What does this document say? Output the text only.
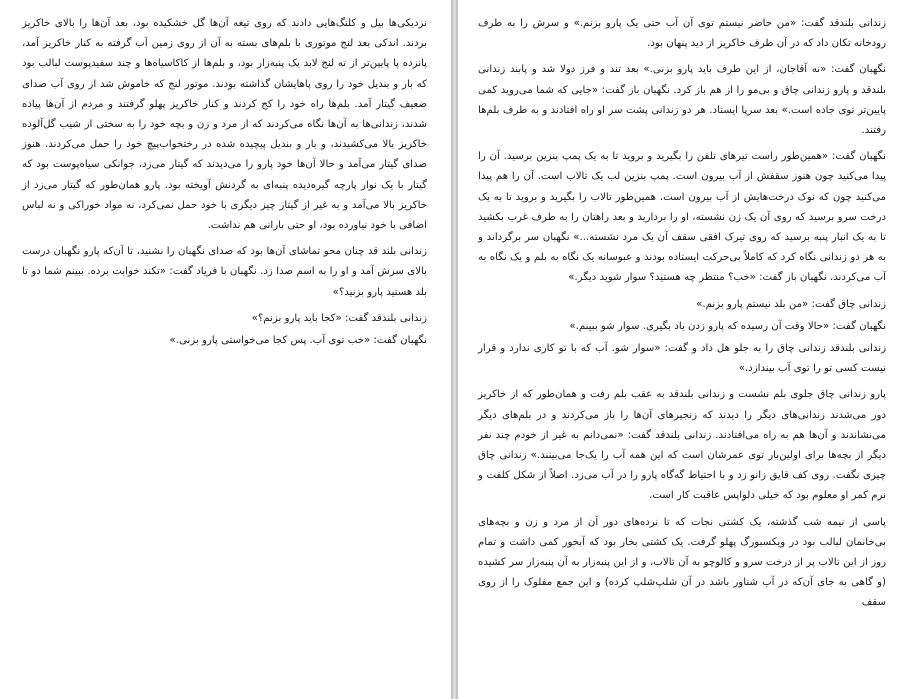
نزدیکی‌ها بیل و کلنگ‌هایی دادند که روی تیغه آن‌ها گل خشکیده بود، بعد آن‌ها را بالای خاکریز بردند. اندکی بعد لنج موتوری با بلم‌های بسته به آن از روی زمین آب گرفته به کنار خاکریز آمد، پانزده پا پایین‌تر از ته لنج لابد یک پنبه‌زار بود، و بلم‌ها از کاکاسیاه‌ها و چند سفیدپوست لبالب بود که بار و بندیل خود را روی پاهایشان گذاشته بودند. موتور لنج که خاموش شد از روی آب صدای ضعیف گیتار آمد. بلم‌ها راه خود را کج کردند و کنار خاکریز پهلو گرفتند و مردم از آن‌ها پیاده شدند، زندانی‌ها به آن‌ها نگاه می‌کردند که از مرد و زن و بچه خود را به سختی از شیب گل‌آلوده خاکریز بالا می‌کشیدند، و بار و بندیل پیچیده شده در رختخواب‌پیچ خود را حمل می‌کردند. هنوز صدای گیتار می‌آمد و حالا آن‌ها خود پارو را می‌دیدند که گیتار می‌زد، جوانکی سیاه‌پوست بود که گیتار با یک نوار پارچه گیره‌دیده پنبه‌ای به گردنش آویخته بود. پارو همان‌طور که گیتار می‌زد از خاکریز بالا می‌آمد و به غیر از گیتار چیز دیگری با خود حمل نمی‌کرد، نه مواد خوراکی و نه لباس اضافی با خود نیاورده بود، او حتی بارانی هم نداشت.

زندانی بلند قد چنان محو تماشای آن‌ها بود که صدای نگهبان را نشنید، تا آن‌که پارو نگهبان درست بالای سرش آمد و او را به اسم صدا زد. نگهبان با فریاد گفت: «تکند خوابت برده. ببینم شما دو تا بلد هستید پارو بزنید؟»

زندانی بلندقد گفت: «کجا باید پارو بزنم؟»

نگهبان گفت: «خب توی آب. پس کجا می‌خواستی پارو بزنی.»

زندانی بلندقد گفت: «من حاضر نیستم توی آن آب حتی یک پارو بزنم.» و سرش را به طرف رودخانه تکان داد که در آن طرف خاکریز از دید پنهان بود.

نگهبان گفت: «نه آقاجان، از این طرف باید پارو بزنی.» بعد تند و فرز دولا شد و پابند زندانی بلندقد و پارو زندانی چاق و بی‌مو را از هم باز کرد. نگهبان باز گفت: «جایی که شما می‌روید کمی پایین‌تر توی جاده است.» بعد سرپا ایستاد. هر دو زندانی پشت سر او راه افتادند و به طرف بلم‌ها رفتند.

نگهبان گفت: «همین‌طور راست تیرهای تلفن را بگیرید و بروید تا به یک پمپ بنزین برسید. آن را پیدا می‌کنید چون هنوز سقفش از آب بیرون است. پمپ بنزین لب یک تالاب است. آن را هم پیدا می‌کنید چون که نوک درخت‌هایش از آب بیرون است. همین‌طور تالاب را بگیرید و بروید تا به یک درخت سرو برسید که روی آن یک زن نشسته، او را بردارید و بعد راهتان را به طرف غرب بکشید تا به یک انبار پنبه برسید که روی تیرک افقی سقف آن یک مرد نشسته...» نگهبان سر برگرداند و به هر دو زندانی نگاه کرد که کاملاً بی‌حرکت ایستاده بودند و عبوسانه یک نگاه به بلم و یک نگاه به آب می‌کردند. نگهبان باز گفت: «خب؟ منتظر چه هستید؟ سوار شوید دیگر.»

زندانی چاق گفت: «من بلد نیستم پارو بزنم.»

نگهبان گفت: «حالا وقت آن رسیده که پارو زدن یاد بگیری. سوار شو ببینم.»

زندانی بلندقد زندانی چاق را به جلو هل داد و گفت: «سوار شو. آب که با تو کاری ندارد و قرار نیست کسی تو را توی آب بیندازد.»

پارو زندانی چاق جلوی بلم نشست و زندانی بلندقد به عقب بلم رفت و همان‌طور که از خاکریز دور می‌شدند زندانی‌های دیگر را دیدند که زنجیرهای آن‌ها را باز می‌کردند و در بلم‌های دیگر می‌نشاندند و آن‌ها هم به راه می‌افتادند. زندانی بلندقد گفت: «نمی‌دانم به غیر از خودم چند نفر دیگر از بچه‌ها برای اولین‌بار توی عمرشان است که این همه آب را یک‌جا می‌بینند.» زندانی چاق چیزی نگفت. روی کف قایق زانو زد و با احتیاط گه‌گاه پارو را در آب می‌زد. اصلاً از شکل کلفت و نرم کمر او معلوم بود که خیلی دلواپس عاقبت کار است.

پاسی از نیمه شب گذشته، یک کشتی نجات که تا نرده‌های دور آن از مرد و زن و بچه‌های بی‌خانمان لبالب بود در ویکسبورگ پهلو گرفت. یک کشتی بخار بود که آبخور کمی داشت و تمام روز از این تالاب پر از درخت سرو و کالوچو به آن تالاب، و از این پنبه‌زار به آن پنبه‌زار سر کشیده (و گاهی به جای آن‌که در آب شناور باشد در آن شلپ‌شلپ کرده) و این جمع مفلوک را از روی سقف
